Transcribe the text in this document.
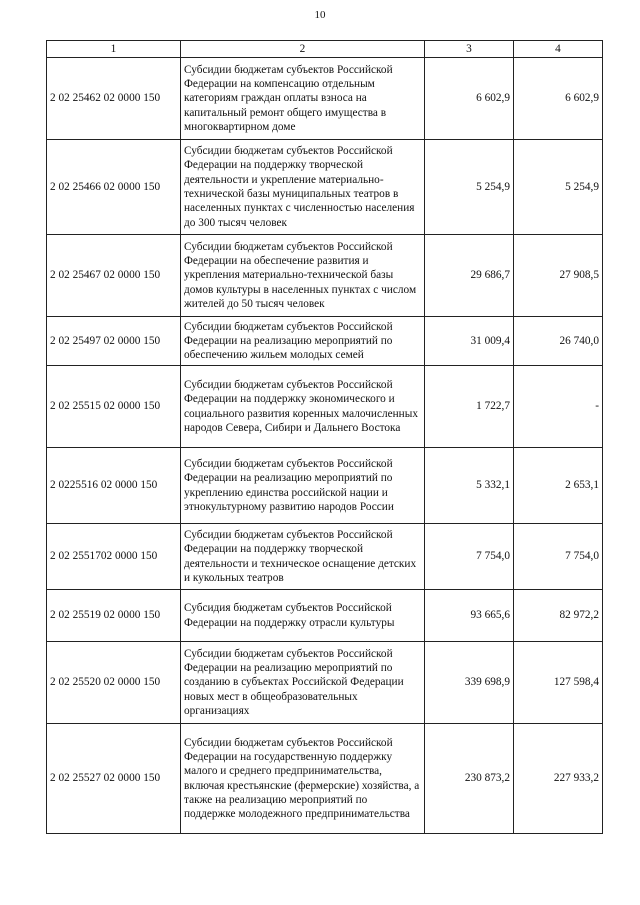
10
1	2	3	4
2 02 25462 02 0000 150	Субсидии бюджетам субъектов Российской Федерации на компенсацию отдельным категориям граждан оплаты взноса на капитальный ремонт общего имущества в многоквартирном доме	6 602,9	6 602,9
2 02 25466 02 0000 150	Субсидии бюджетам субъектов Российской Федерации на поддержку творческой деятельности и укрепление материально-технической базы муниципальных театров в населенных пунктах с численностью населения до 300 тысяч человек	5 254,9	5 254,9
2 02 25467 02 0000 150	Субсидии бюджетам субъектов Российской Федерации на обеспечение развития и укрепления материально-технической базы домов культуры в населенных пунктах с числом жителей до 50 тысяч человек	29 686,7	27 908,5
2 02 25497 02 0000 150	Субсидии бюджетам субъектов Российской Федерации на реализацию мероприятий по обеспечению жильем молодых семей	31 009,4	26 740,0
2 02 25515 02 0000 150	Субсидии бюджетам субъектов Российской Федерации на поддержку экономического и социального развития коренных малочисленных народов Севера, Сибири и Дальнего Востока	1 722,7	-
2 0225516 02 0000 150	Субсидии бюджетам субъектов Российской Федерации на реализацию мероприятий по укреплению единства российской нации и этнокультурному развитию народов России	5 332,1	2 653,1
2 02 2551702 0000 150	Субсидии бюджетам субъектов Российской Федерации на поддержку творческой деятельности и техническое оснащение детских и кукольных театров	7 754,0	7 754,0
2 02 25519 02 0000 150	Субсидия бюджетам субъектов Российской Федерации на поддержку отрасли культуры	93 665,6	82 972,2
2 02 25520 02 0000 150	Субсидии бюджетам субъектов Российской Федерации на реализацию мероприятий по созданию в субъектах Российской Федерации новых мест в общеобразовательных организациях	339 698,9	127 598,4
2 02 25527 02 0000 150	Субсидии бюджетам субъектов Российской Федерации на государственную поддержку малого и среднего предпринимательства, включая крестьянские (фермерские) хозяйства, а также на реализацию мероприятий по поддержке молодежного предпринимательства	230 873,2	227 933,2
